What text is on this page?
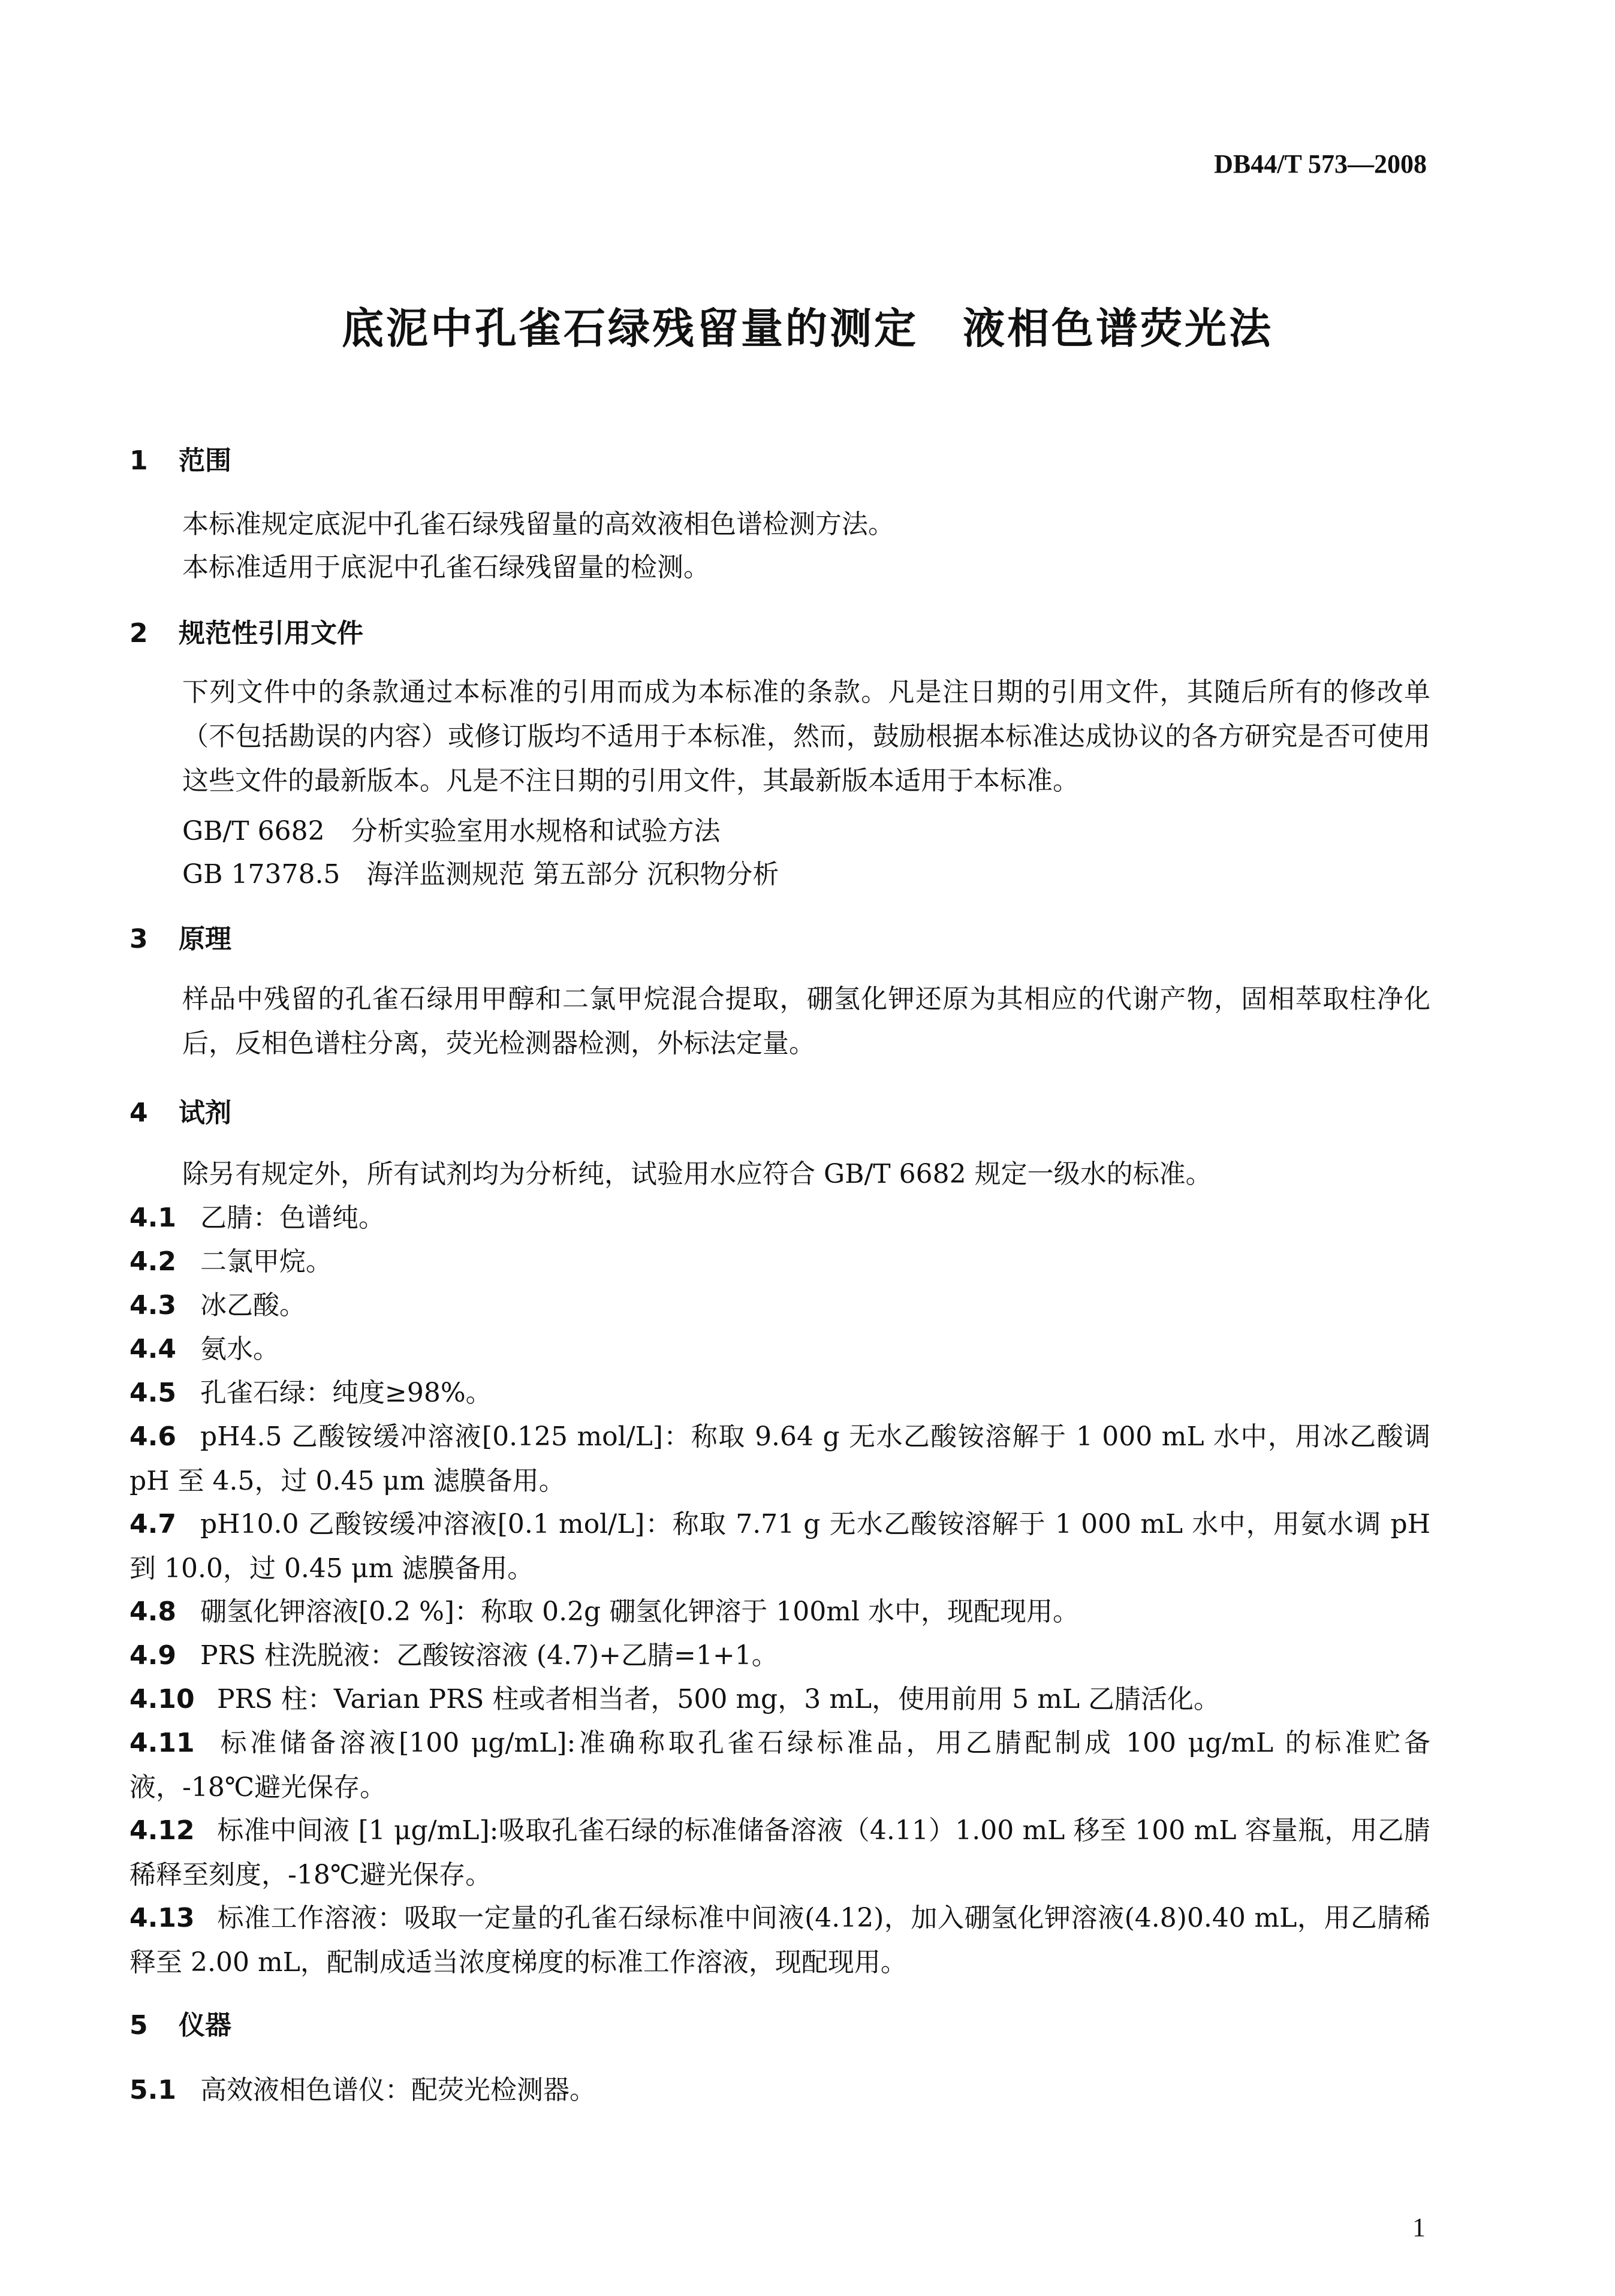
DB44/T 573—2008
底泥中孔雀石绿残留量的测定　液相色谱荧光法
1 范围
本标准规定底泥中孔雀石绿残留量的高效液相色谱检测方法。
本标准适用于底泥中孔雀石绿残留量的检测。
2 规范性引用文件
下列文件中的条款通过本标准的引用而成为本标准的条款。凡是注日期的引用文件，其随后所有的修改单（不包括勘误的内容）或修订版均不适用于本标准，然而，鼓励根据本标准达成协议的各方研究是否可使用这些文件的最新版本。凡是不注日期的引用文件，其最新版本适用于本标准。
GB/T 6682　分析实验室用水规格和试验方法
GB 17378.5　海洋监测规范 第五部分 沉积物分析
3 原理
样品中残留的孔雀石绿用甲醇和二氯甲烷混合提取，硼氢化钾还原为其相应的代谢产物，固相萃取柱净化后，反相色谱柱分离，荧光检测器检测，外标法定量。
4 试剂
除另有规定外，所有试剂均为分析纯，试验用水应符合 GB/T 6682 规定一级水的标准。
4.1 乙腈：色谱纯。
4.2 二氯甲烷。
4.3 冰乙酸。
4.4 氨水。
4.5 孔雀石绿：纯度≥98%。
4.6 pH4.5 乙酸铵缓冲溶液[0.125 mol/L]：称取 9.64 g 无水乙酸铵溶解于 1 000 mL 水中，用冰乙酸调 pH 至 4.5，过 0.45 μm 滤膜备用。
4.7 pH10.0 乙酸铵缓冲溶液[0.1 mol/L]：称取 7.71 g 无水乙酸铵溶解于 1 000 mL 水中，用氨水调 pH 到 10.0，过 0.45 μm 滤膜备用。
4.8 硼氢化钾溶液[0.2 %]：称取 0.2g 硼氢化钾溶于 100ml 水中，现配现用。
4.9 PRS 柱洗脱液：乙酸铵溶液 (4.7)+乙腈=1+1。
4.10 PRS 柱：Varian PRS 柱或者相当者，500 mg，3 mL，使用前用 5 mL 乙腈活化。
4.11 标准储备溶液[100 μg/mL]:准确称取孔雀石绿标准品，用乙腈配制成 100 μg/mL 的标准贮备液，-18℃避光保存。
4.12 标准中间液 [1 μg/mL]:吸取孔雀石绿的标准储备溶液（4.11）1.00 mL 移至 100 mL 容量瓶，用乙腈稀释至刻度，-18℃避光保存。
4.13 标准工作溶液：吸取一定量的孔雀石绿标准中间液(4.12)，加入硼氢化钾溶液(4.8)0.40 mL，用乙腈稀释至 2.00 mL，配制成适当浓度梯度的标准工作溶液，现配现用。
5 仪器
5.1 高效液相色谱仪：配荧光检测器。
1
